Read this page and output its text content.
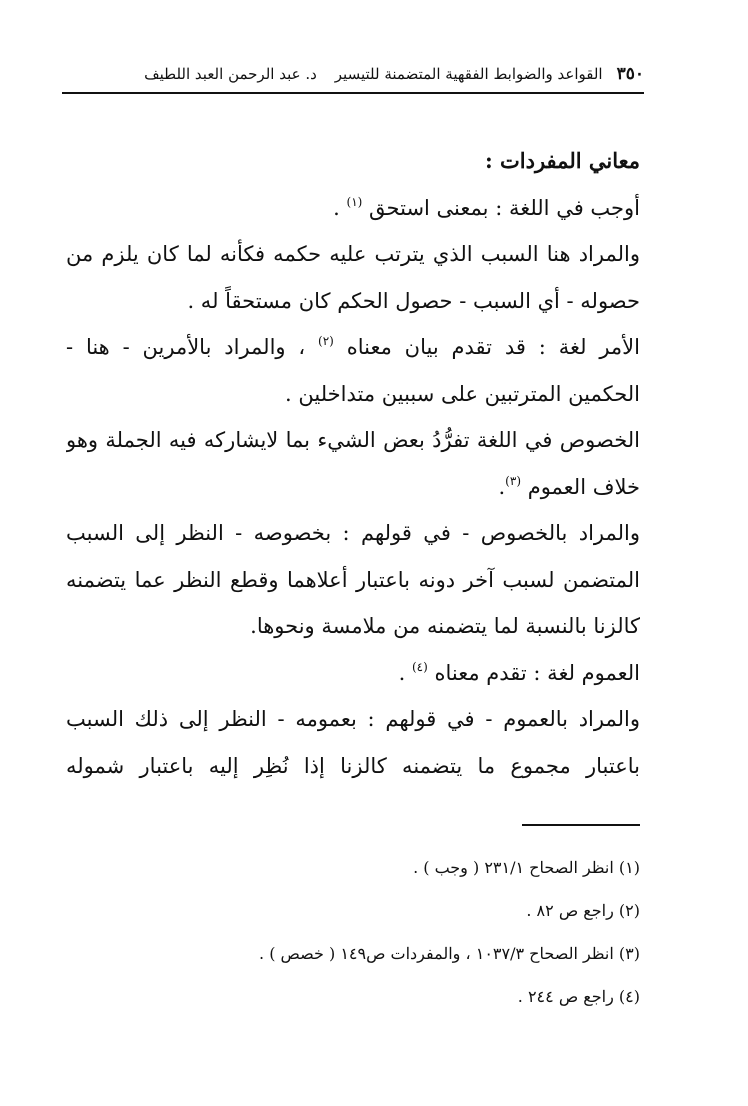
٣٥٠
القواعد والضوابط الفقهية المتضمنة للتيسير
د. عبد الرحمن العبد اللطيف
معاني المفردات :
أوجب في اللغة : بمعنى استحق $^{(١)}$ .
والمراد هنا السبب الذي يترتب عليه حكمه فكأنه لما كان يلزم من
حصوله - أي السبب - حصول الحكم كان مستحقاً له .
الأمر لغة : قد تقدم بيان معناه $^{(٢)}$ ، والمراد بالأمرين - هنا -
الحكمين المترتبين على سببين متداخلين .
الخصوص في اللغة تفرُّدُ بعض الشيء بما لايشاركه فيه الجملة وهو
خلاف العموم $^{(٣)}$.
والمراد بالخصوص - في قولهم : بخصوصه - النظر إلى السبب
المتضمن لسبب آخر دونه باعتبار أعلاهما وقطع النظر عما يتضمنه
كالزنا بالنسبة لما يتضمنه من ملامسة ونحوها.
العموم لغة : تقدم معناه $^{(٤)}$ .
والمراد بالعموم - في قولهم : بعمومه - النظر إلى ذلك السبب
باعتبار مجموع ما يتضمنه كالزنا إذا نُظِر إليه باعتبار شموله
(١) انظر الصحاح ٢٣١/١ ( وجب ) .
(٢) راجع ص ٨٢ .
(٣) انظر الصحاح ١٠٣٧/٣ ، والمفردات ص١٤٩ ( خصص ) .
(٤) راجع ص ٢٤٤ .
